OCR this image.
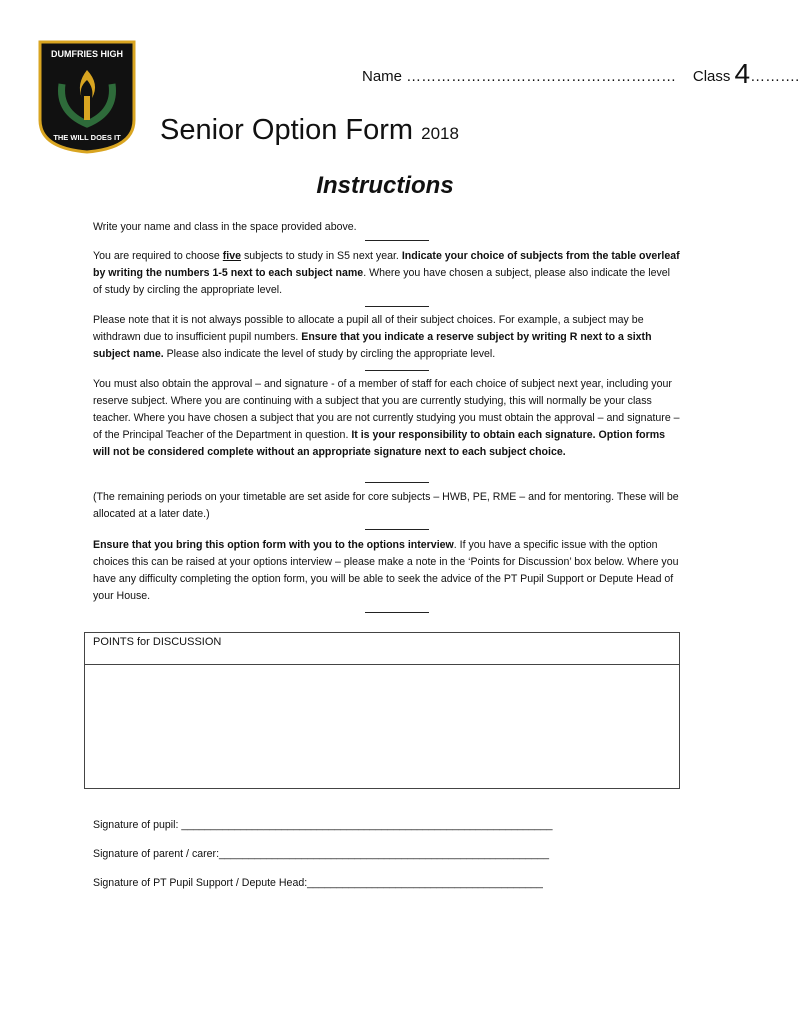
DUMFRIES HIGH
THE WILL DOES IT
Name ……………………………………………… Class 4……….
Senior Option Form 2018
Instructions

Write your name and class in the space provided above.

You are required to choose five subjects to study in S5 next year. Indicate your choice of subjects from the table overleaf by writing the numbers 1-5 next to each subject name. Where you have chosen a subject, please also indicate the level of study by circling the appropriate level.

Please note that it is not always possible to allocate a pupil all of their subject choices. For example, a subject may be withdrawn due to insufficient pupil numbers. Ensure that you indicate a reserve subject by writing R next to a sixth subject name. Please also indicate the level of study by circling the appropriate level.

You must also obtain the approval – and signature - of a member of staff for each choice of subject next year, including your reserve subject. Where you are continuing with a subject that you are currently studying, this will normally be your class teacher. Where you have chosen a subject that you are not currently studying you must obtain the approval – and signature – of the Principal Teacher of the Department in question. It is your responsibility to obtain each signature. Option forms will not be considered complete without an appropriate signature next to each subject choice.

(The remaining periods on your timetable are set aside for core subjects – HWB, PE, RME – and for mentoring. These will be allocated at a later date.)

Ensure that you bring this option form with you to the options interview. If you have a specific issue with the option choices this can be raised at your options interview – please make a note in the ‘Points for Discussion’ box below. Where you have any difficulty completing the option form, you will be able to seek the advice of the PT Pupil Support or Depute Head of your House.

POINTS for DISCUSSION
Signature of pupil: _______________________________________________________________
Signature of parent / carer:________________________________________________________
Signature of PT Pupil Support / Depute Head:________________________________________
